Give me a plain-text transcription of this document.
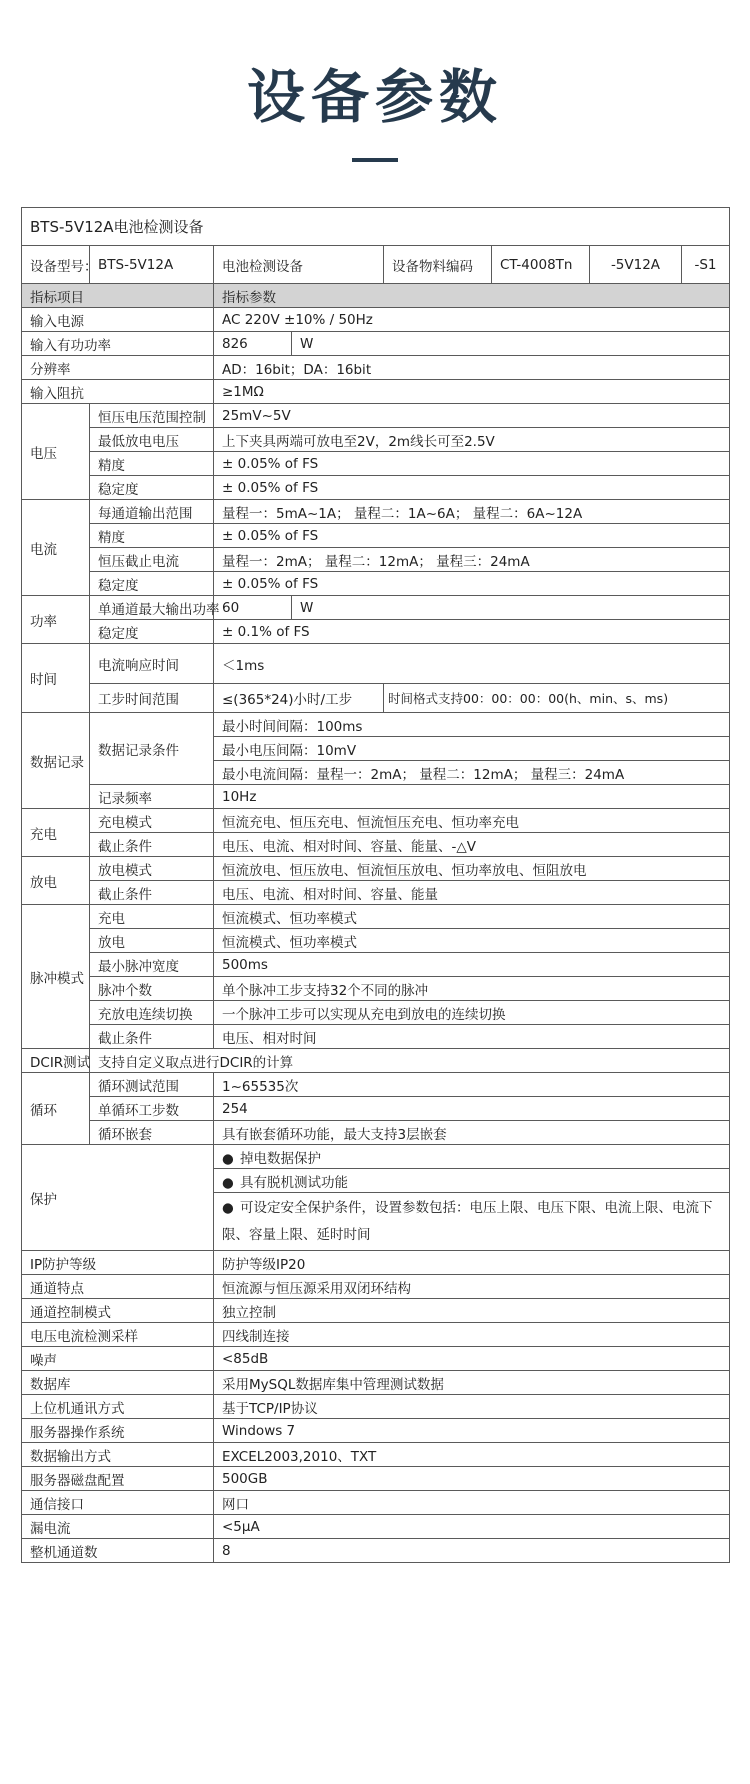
设备参数
BTS-5V12A电池检测设备							
设备型号：	BTS-5V12A	电池检测设备		设备物料编码	CT-4008Tn	-5V12A	-S1
指标项目		指标参数					
输入电源		AC 220V ±10% / 50Hz					
输入有功功率		826	W				
分辨率		AD：16bit；DA：16bit					
输入阻抗		≥1MΩ					
电压	恒压电压范围控制	25mV~5V					
	最低放电电压	上下夹具两端可放电至2V，2m线长可至2.5V					
	精度	± 0.05% of FS					
	稳定度	± 0.05% of FS					
电流	每通道输出范围	量程一：5mA~1A； 量程二：1A~6A； 量程二：6A~12A					
	精度	± 0.05% of FS					
	恒压截止电流	量程一：2mA； 量程二：12mA； 量程三：24mA					
	稳定度	± 0.05% of FS					
功率	单通道最大输出功率	60	W				
	稳定度	± 0.1% of FS					
时间	电流响应时间	＜1ms					
	工步时间范围	≤(365*24)小时/工步		时间格式支持00：00：00：00(h、min、s、ms)			
数据记录	数据记录条件	最小时间间隔：100ms					
		最小电压间隔：10mV					
		最小电流间隔：量程一：2mA； 量程二：12mA； 量程三：24mA					
	记录频率	10Hz					
充电	充电模式	恒流充电、恒压充电、恒流恒压充电、恒功率充电					
	截止条件	电压、电流、相对时间、容量、能量、-△V					
放电	放电模式	恒流放电、恒压放电、恒流恒压放电、恒功率放电、恒阻放电					
	截止条件	电压、电流、相对时间、容量、能量					
脉冲模式	充电	恒流模式、恒功率模式					
	放电	恒流模式、恒功率模式					
	最小脉冲宽度	500ms					
	脉冲个数	单个脉冲工步支持32个不同的脉冲					
	充放电连续切换	一个脉冲工步可以实现从充电到放电的连续切换					
	截止条件	电压、相对时间					
DCIR测试	支持自定义取点进行DCIR的计算						
循环	循环测试范围	1~65535次					
	单循环工步数	254					
	循环嵌套	具有嵌套循环功能，最大支持3层嵌套					
保护		● 掉电数据保护					
		● 具有脱机测试功能					
		● 可设定安全保护条件，设置参数包括：电压上限、电压下限、电流上限、电流下限、容量上限、延时时间					
IP防护等级		防护等级IP20					
通道特点		恒流源与恒压源采用双闭环结构					
通道控制模式		独立控制					
电压电流检测采样		四线制连接					
噪声		<85dB					
数据库		采用MySQL数据库集中管理测试数据					
上位机通讯方式		基于TCP/IP协议					
服务器操作系统		Windows 7					
数据输出方式		EXCEL2003,2010、TXT					
服务器磁盘配置		500GB					
通信接口		网口					
漏电流		<5μA					
整机通道数		8					
